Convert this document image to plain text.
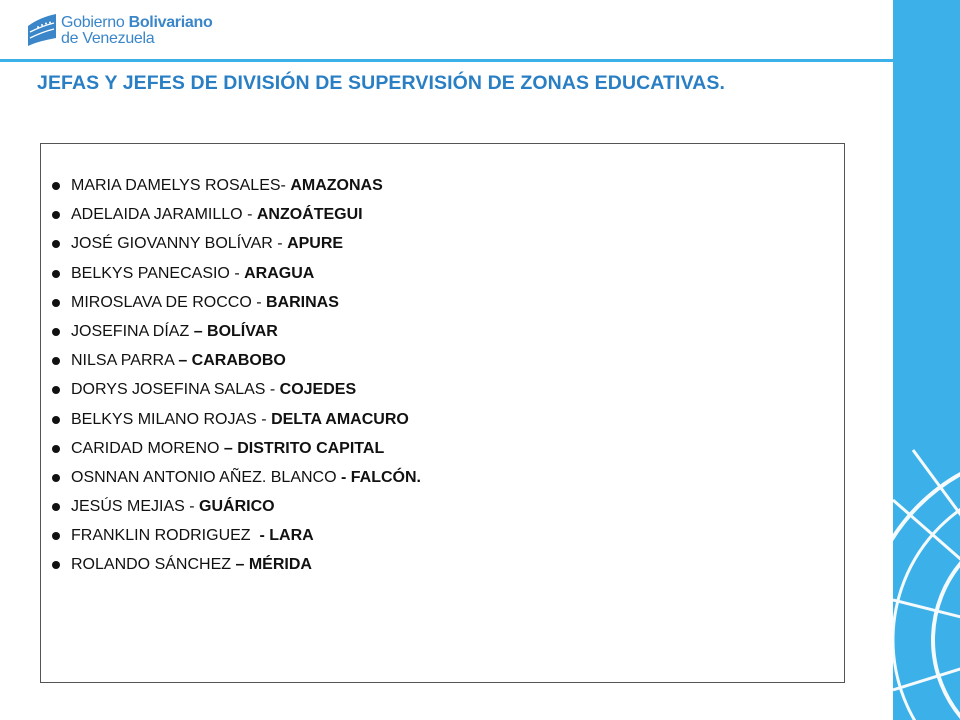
Gobierno Bolivariano
de Venezuela
JEFAS Y JEFES DE DIVISIÓN DE SUPERVISIÓN DE ZONAS EDUCATIVAS.
MARIA DAMELYS ROSALES- AMAZONAS
ADELAIDA JARAMILLO - ANZOÁTEGUI
JOSÉ GIOVANNY BOLÍVAR - APURE
BELKYS PANECASIO - ARAGUA
MIROSLAVA DE ROCCO - BARINAS
JOSEFINA DÍAZ – BOLÍVAR
NILSA PARRA – CARABOBO
DORYS JOSEFINA SALAS - COJEDES
BELKYS MILANO ROJAS - DELTA AMACURO
CARIDAD MORENO – DISTRITO CAPITAL
OSNNAN ANTONIO AÑEZ. BLANCO - FALCÓN.
JESÚS MEJIAS - GUÁRICO
FRANKLIN RODRIGUEZ  - LARA
ROLANDO SÁNCHEZ – MÉRIDA
